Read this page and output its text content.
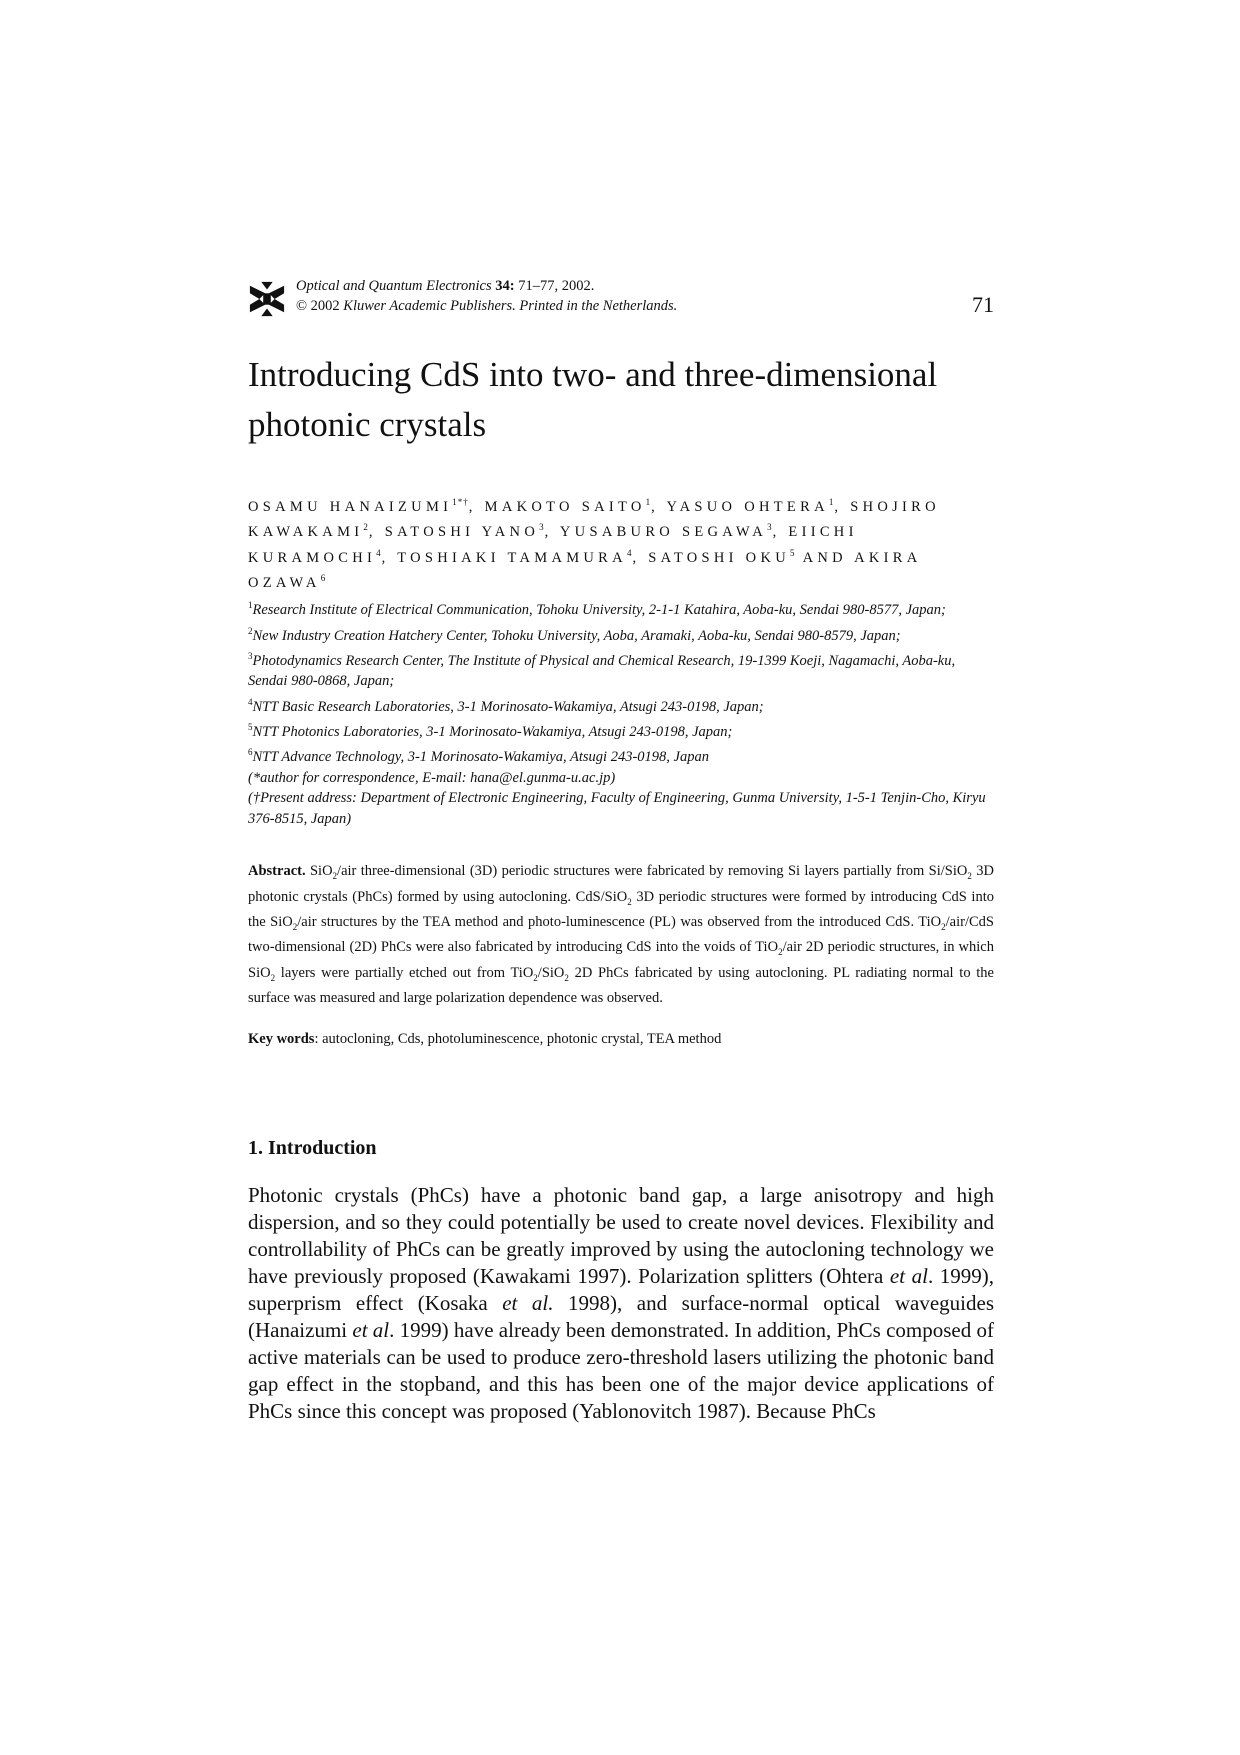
Optical and Quantum Electronics 34: 71–77, 2002.
© 2002 Kluwer Academic Publishers. Printed in the Netherlands.	71
Introducing CdS into two- and three-dimensional photonic crystals
OSAMU $HANAIZUMI^{1*\dagger}$, MAKOTO SAITO$^1$, YASUO OHTERA$^1$, SHOJIRO KAWAKAMI$^2$, SATOSHI YANO$^3$, YUSABURO SEGAWA$^3$, EIICHI KURAMOCHI$^4$, TOSHIAKI TAMAMURA$^4$, SATOSHI OKU$^5$ AND AKIRA OZAWA$^6$
$^1$Research Institute of Electrical Communication, Tohoku University, 2-1-1 Katahira, Aoba-ku, Sendai 980-8577, Japan;
$^2$New Industry Creation Hatchery Center, Tohoku University, Aoba, Aramaki, Aoba-ku, Sendai 980-8579, Japan;
$^3$Photodynamics Research Center, The Institute of Physical and Chemical Research, 19-1399 Koeji, Nagamachi, Aoba-ku, Sendai 980-0868, Japan;
$^4$NTT Basic Research Laboratories, 3-1 Morinosato-Wakamiya, Atsugi 243-0198, Japan;
$^5$NTT Photonics Laboratories, 3-1 Morinosato-Wakamiya, Atsugi 243-0198, Japan;
$^6$NTT Advance Technology, 3-1 Morinosato-Wakamiya, Atsugi 243-0198, Japan
(*author for correspondence, E-mail: hana@el.gunma-u.ac.jp)
(†Present address: Department of Electronic Engineering, Faculty of Engineering, Gunma University, 1-5-1 Tenjin-Cho, Kiryu 376-8515, Japan)
Abstract. SiO$_2$/air three-dimensional (3D) periodic structures were fabricated by removing Si layers partially from Si/SiO$_2$ 3D photonic crystals (PhCs) formed by using autocloning. CdS/SiO$_2$ 3D periodic structures were formed by introducing CdS into the SiO$_2$/air structures by the TEA method and photo-luminescence (PL) was observed from the introduced CdS. TiO$_2$/air/CdS two-dimensional (2D) PhCs were also fabricated by introducing CdS into the voids of TiO$_2$/air 2D periodic structures, in which SiO$_2$ layers were partially etched out from TiO$_2$/SiO$_2$ 2D PhCs fabricated by using autocloning. PL radiating normal to the surface was measured and large polarization dependence was observed.
Key words: autocloning, Cds, photoluminescence, photonic crystal, TEA method
1. Introduction
Photonic crystals (PhCs) have a photonic band gap, a large anisotropy and high dispersion, and so they could potentially be used to create novel devices. Flexibility and controllability of PhCs can be greatly improved by using the autocloning technology we have previously proposed (Kawakami 1997). Polarization splitters (Ohtera et al. 1999), superprism effect (Kosaka et al. 1998), and surface-normal optical waveguides (Hanaizumi et al. 1999) have already been demonstrated. In addition, PhCs composed of active materials can be used to produce zero-threshold lasers utilizing the photonic band gap effect in the stopband, and this has been one of the major device applications of PhCs since this concept was proposed (Yablonovitch 1987). Because PhCs
